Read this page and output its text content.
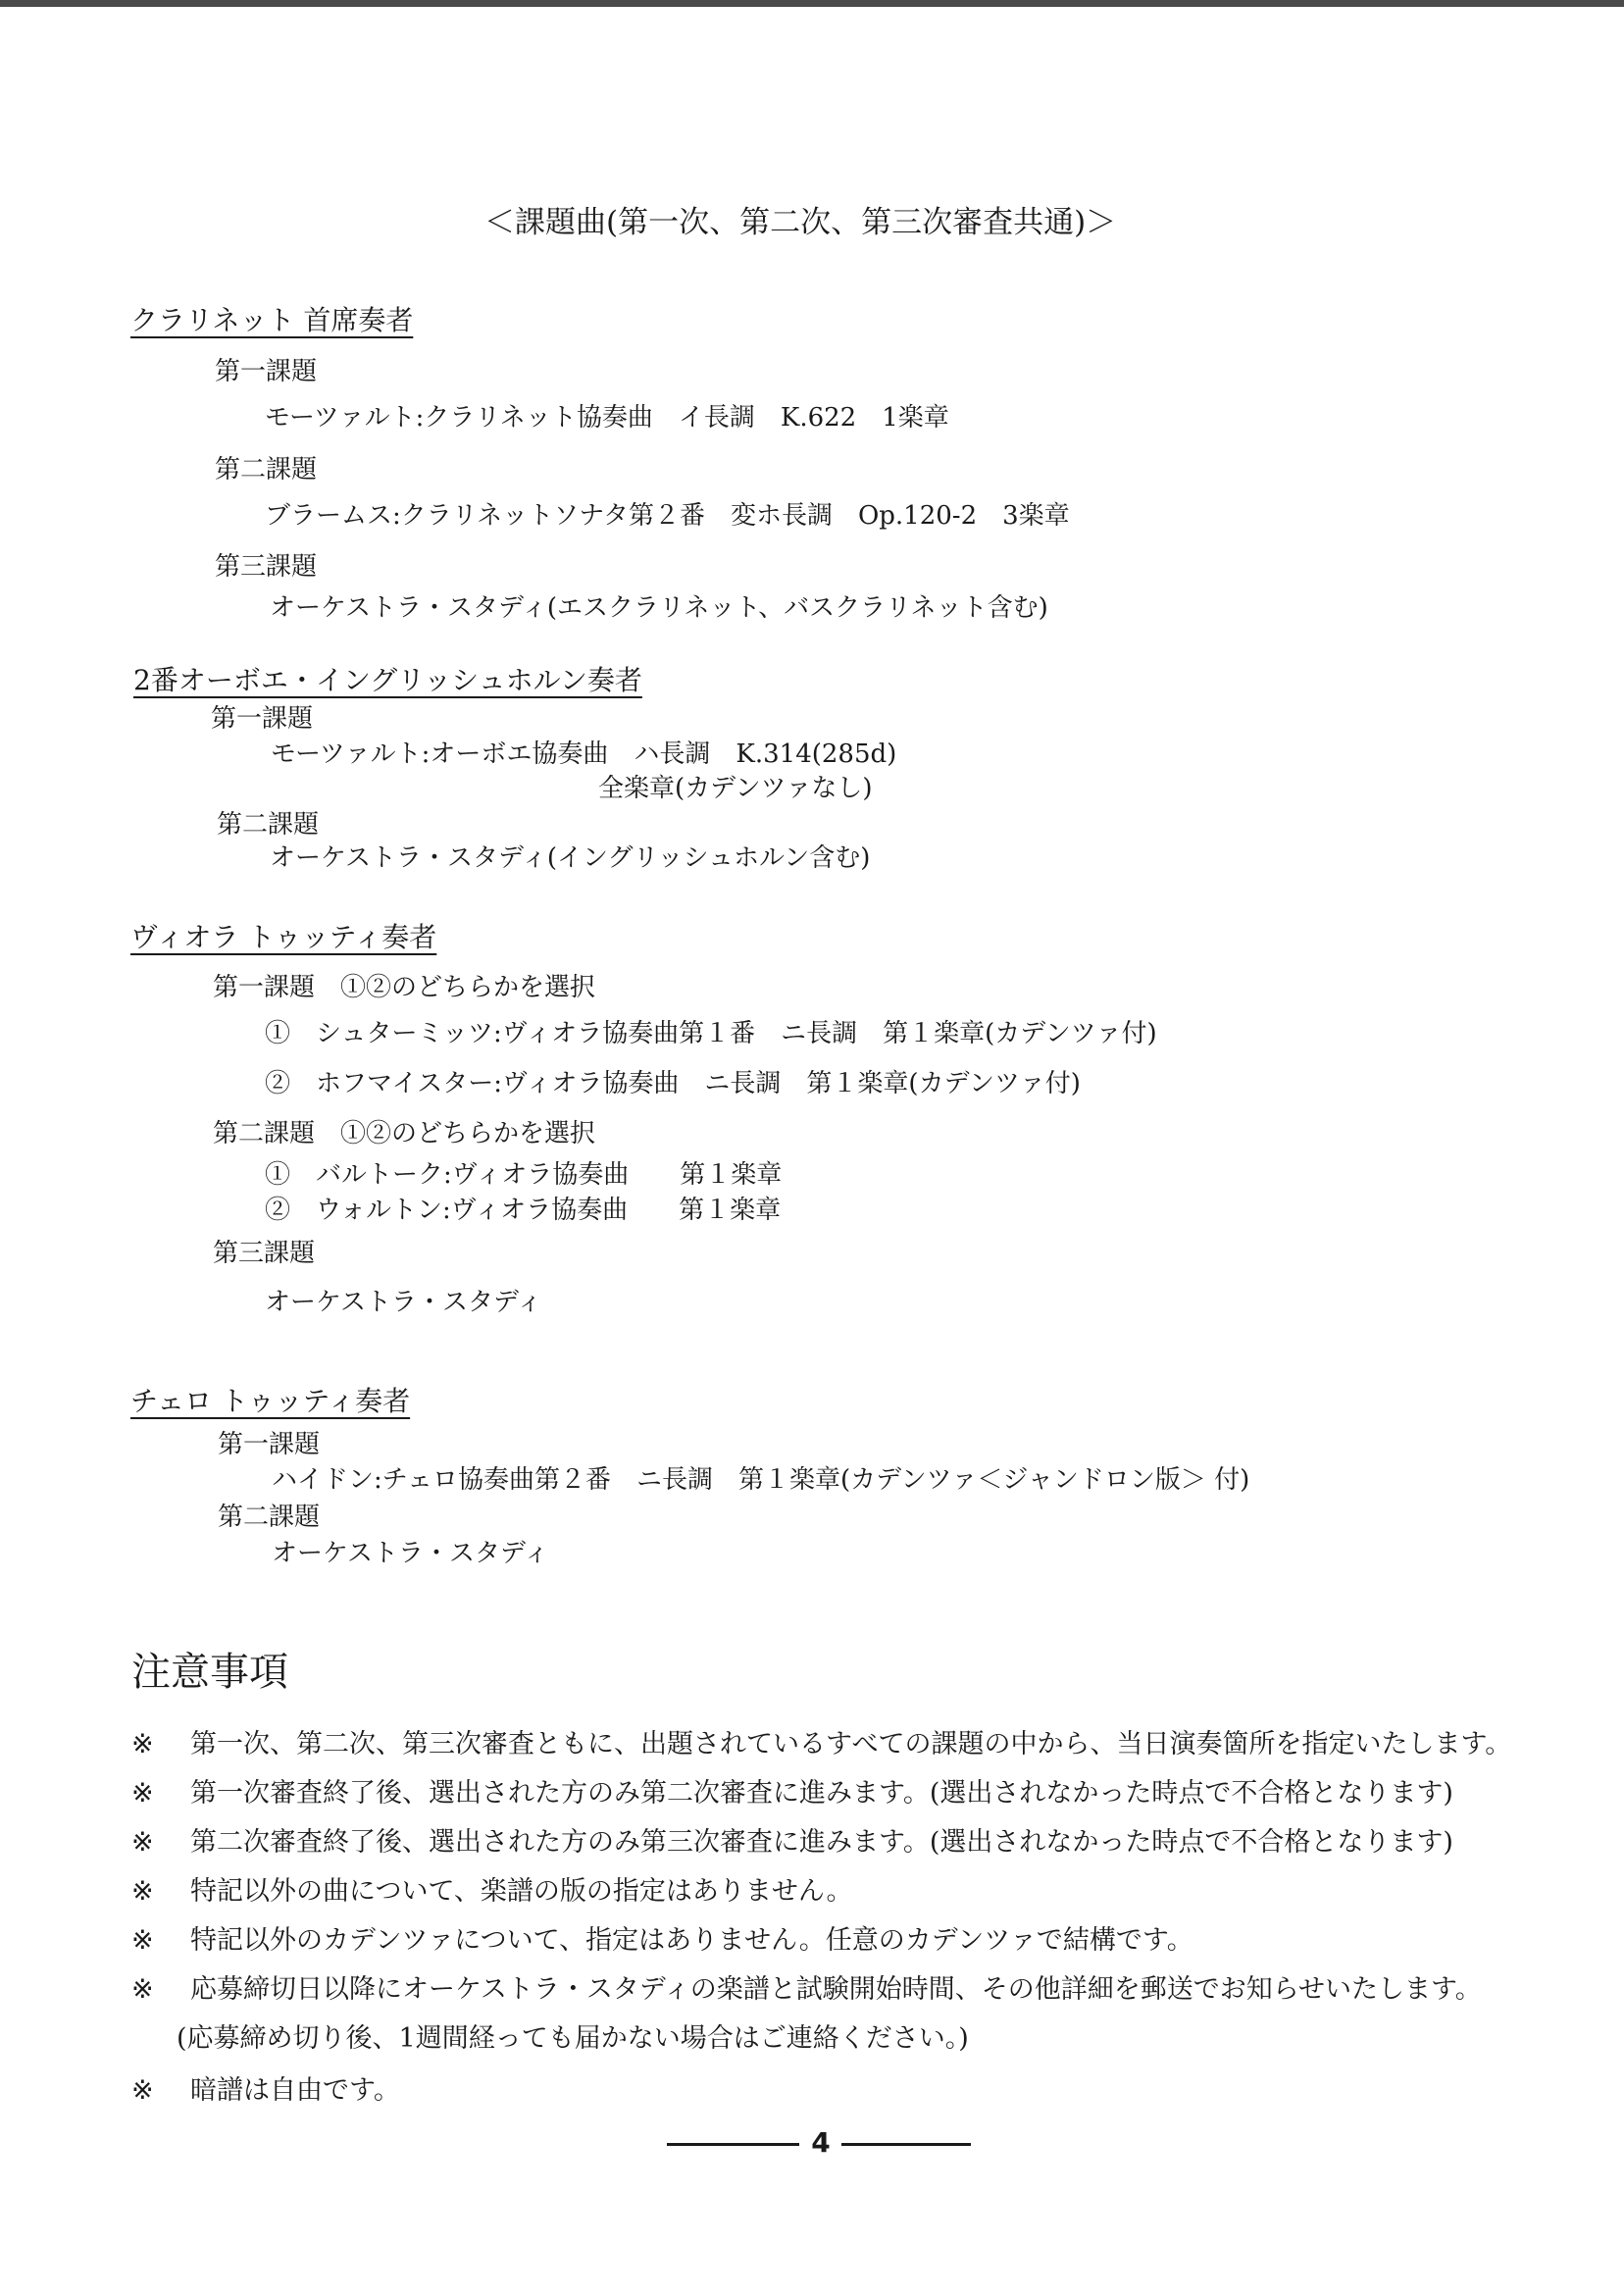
＜課題曲(第一次、第二次、第三次審査共通)＞
クラリネット 首席奏者
第一課題
モーツァルト:クラリネット協奏曲　イ長調　K.622　1楽章
第二課題
ブラームス:クラリネットソナタ第２番　変ホ長調　Op.120-2　3楽章
第三課題
オーケストラ・スタディ(エスクラリネット、バスクラリネット含む)
2番オーボエ・イングリッシュホルン奏者
第一課題
モーツァルト:オーボエ協奏曲　ハ長調　K.314(285d)
全楽章(カデンツァなし)
第二課題
オーケストラ・スタディ(イングリッシュホルン含む)
ヴィオラ トゥッティ奏者
第一課題　①②のどちらかを選択
①　シュターミッツ:ヴィオラ協奏曲第１番　ニ長調　第１楽章(カデンツァ付)
②　ホフマイスター:ヴィオラ協奏曲　ニ長調　第１楽章(カデンツァ付)
第二課題　①②のどちらかを選択
①　バルトーク:ヴィオラ協奏曲　　第１楽章
②　ウォルトン:ヴィオラ協奏曲　　第１楽章
第三課題
オーケストラ・スタディ
チェロ トゥッティ奏者
第一課題
ハイドン:チェロ協奏曲第２番　ニ長調　第１楽章(カデンツァ＜ジャンドロン版＞ 付)
第二課題
オーケストラ・スタディ
注意事項
※ 第一次、第二次、第三次審査ともに、出題されているすべての課題の中から、当日演奏箇所を指定いたします。
※ 第一次審査終了後、選出された方のみ第二次審査に進みます。(選出されなかった時点で不合格となります)
※ 第二次審査終了後、選出された方のみ第三次審査に進みます。(選出されなかった時点で不合格となります)
※ 特記以外の曲について、楽譜の版の指定はありません。
※ 特記以外のカデンツァについて、指定はありません。任意のカデンツァで結構です。
※ 応募締切日以降にオーケストラ・スタディの楽譜と試験開始時間、その他詳細を郵送でお知らせいたします。
(応募締め切り後、1週間経っても届かない場合はご連絡ください。)
※ 暗譜は自由です。
4
